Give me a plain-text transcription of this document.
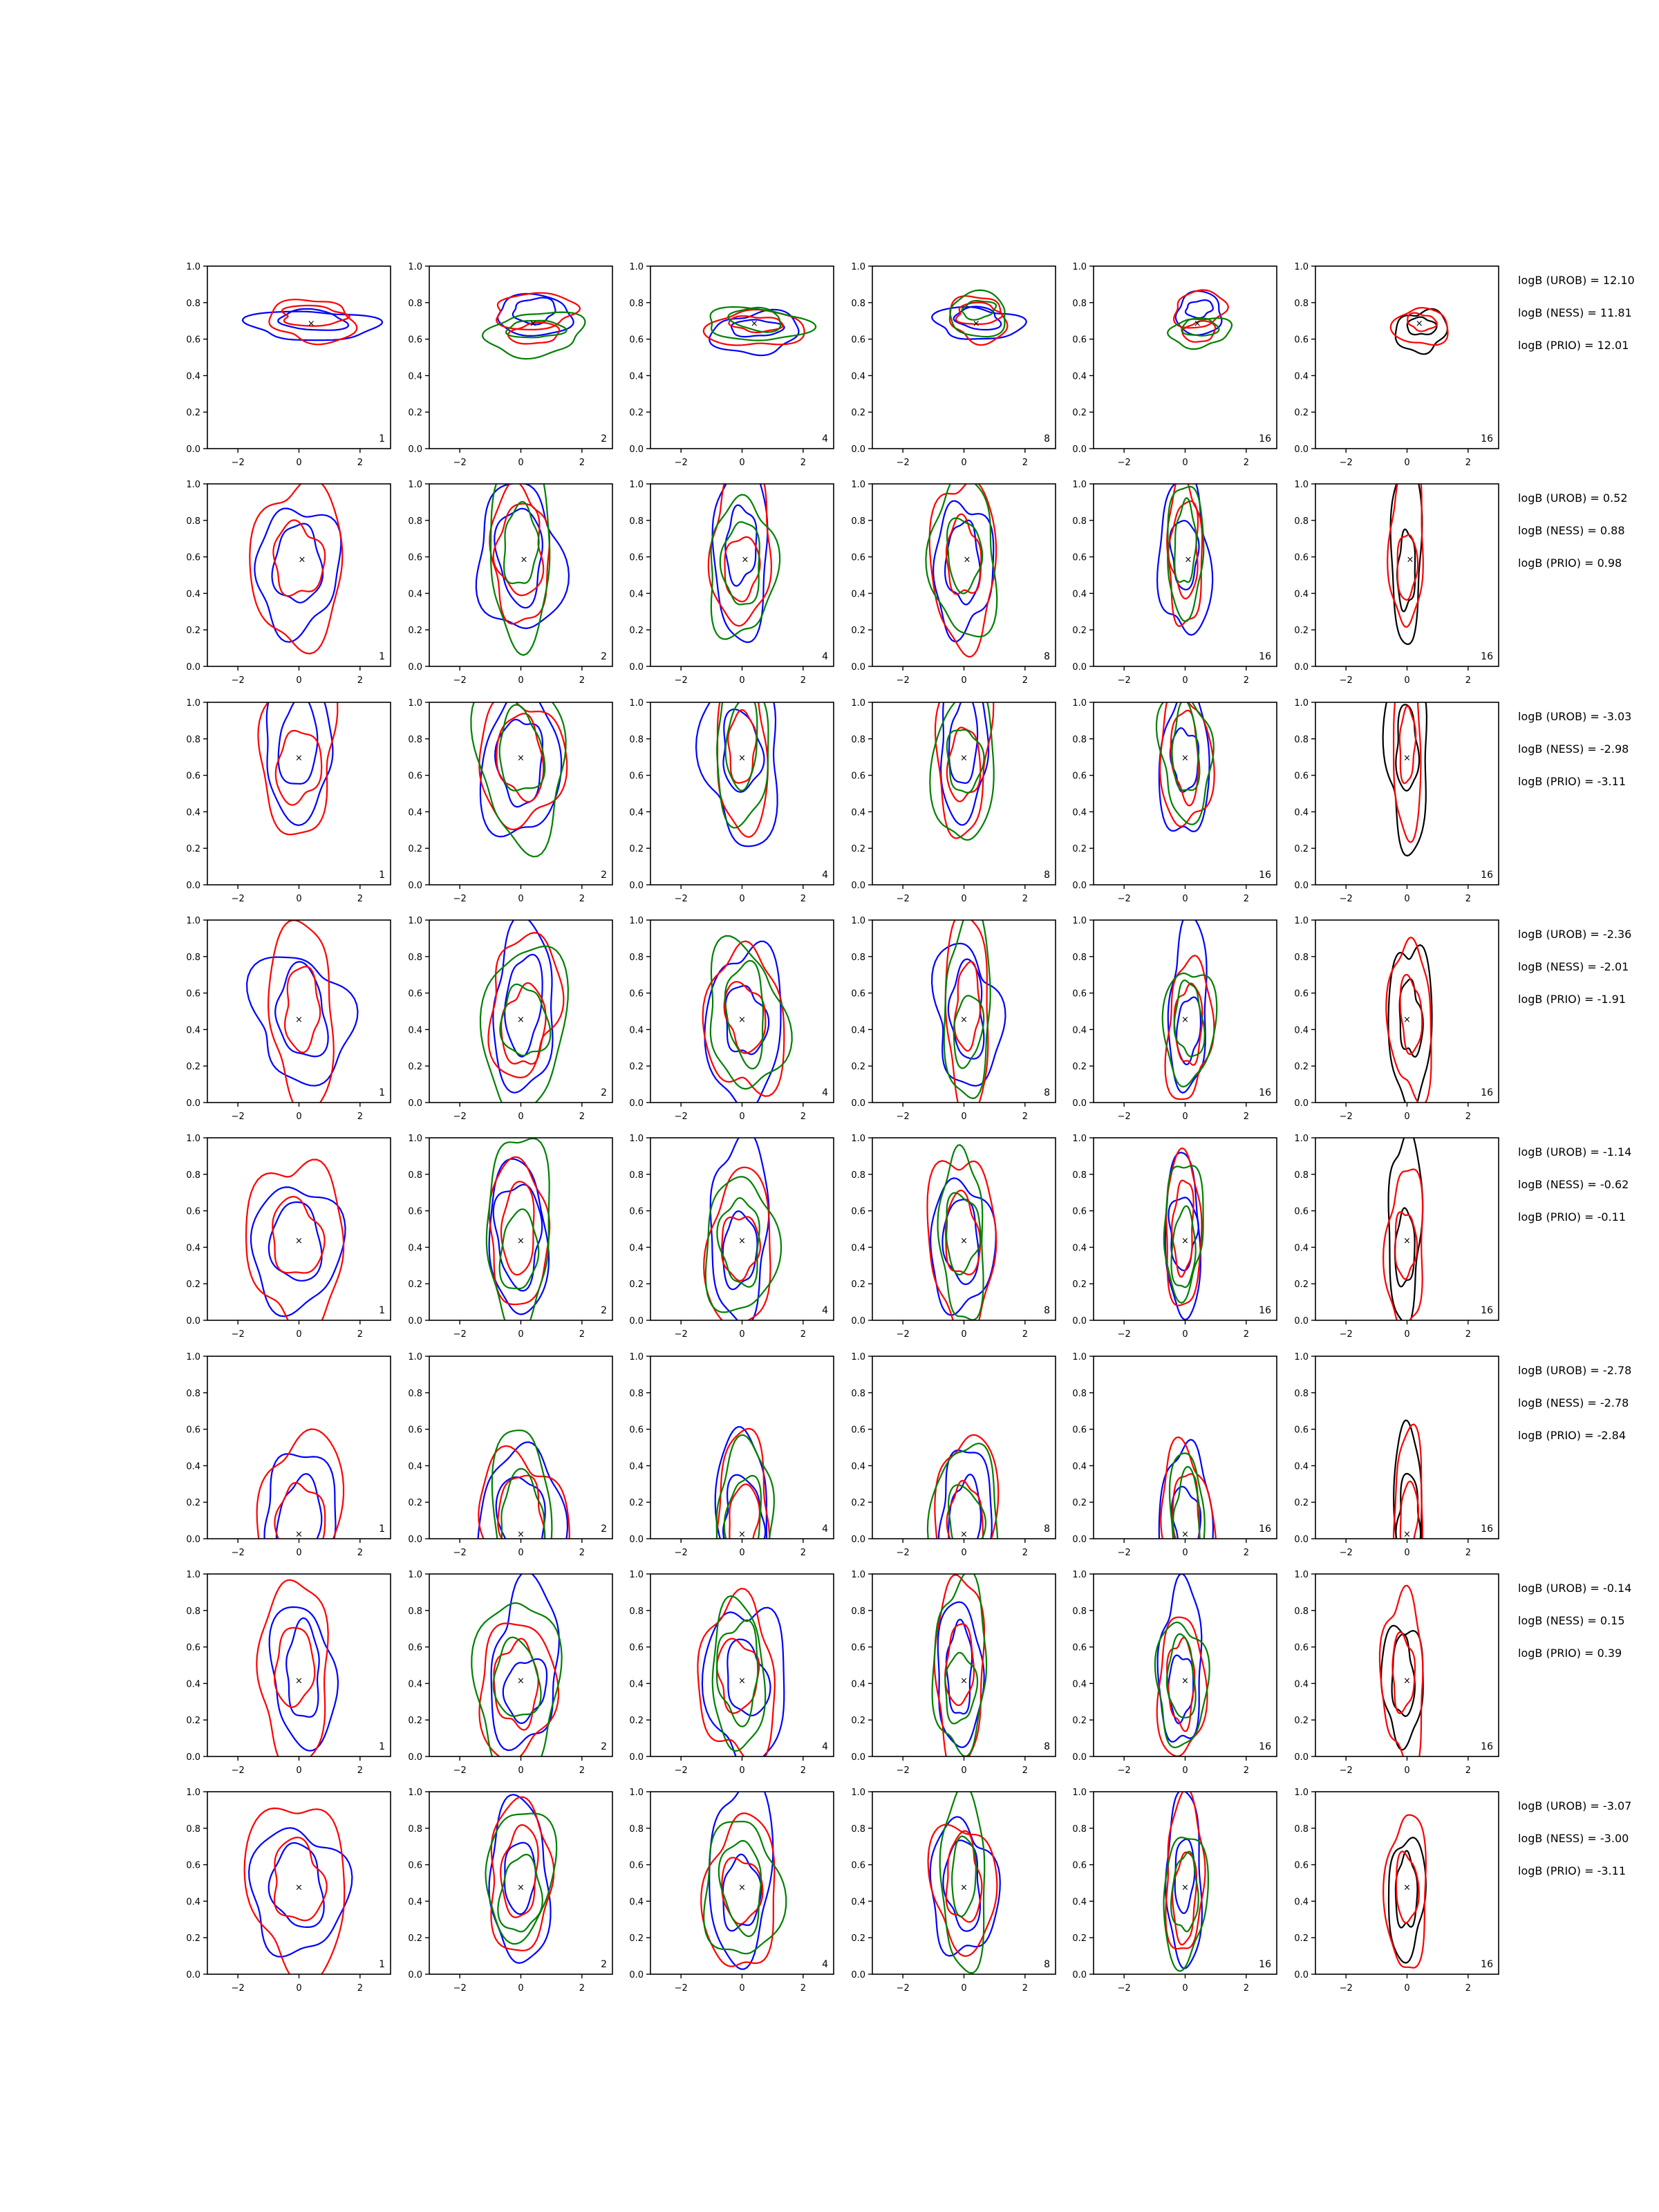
×
0.0
0.2
0.4
0.6
0.8
1.0
−2	0	2
1
×
0.0
0.2
0.4
0.6
0.8
1.0
−2	0	2
2
×
0.0
0.2
0.4
0.6
0.8
1.0
−2	0	2
4
×
0.0
0.2
0.4
0.6
0.8
1.0
−2	0	2
8
×
0.0
0.2
0.4
0.6
0.8
1.0
−2	0	2
16
×
0.0
0.2
0.4
0.6
0.8
1.0
−2	0	2
16
logB (UROB) = 12.10
logB (NESS) = 11.81
logB (PRIO) = 12.01
×
0.0
0.2
0.4
0.6
0.8
1.0
−2	0	2
1
×
0.0
0.2
0.4
0.6
0.8
1.0
−2	0	2
2
×
0.0
0.2
0.4
0.6
0.8
1.0
−2	0	2
4
×
0.0
0.2
0.4
0.6
0.8
1.0
−2	0	2
8
×
0.0
0.2
0.4
0.6
0.8
1.0
−2	0	2
16
×
0.0
0.2
0.4
0.6
0.8
1.0
−2	0	2
16
logB (UROB) = 0.52
logB (NESS) = 0.88
logB (PRIO) = 0.98
×
0.0
0.2
0.4
0.6
0.8
1.0
−2	0	2
1
×
0.0
0.2
0.4
0.6
0.8
1.0
−2	0	2
2
×
0.0
0.2
0.4
0.6
0.8
1.0
−2	0	2
4
×
0.0
0.2
0.4
0.6
0.8
1.0
−2	0	2
8
×
0.0
0.2
0.4
0.6
0.8
1.0
−2	0	2
16
×
0.0
0.2
0.4
0.6
0.8
1.0
−2	0	2
16
logB (UROB) = -3.03
logB (NESS) = -2.98
logB (PRIO) = -3.11
×
0.0
0.2
0.4
0.6
0.8
1.0
−2	0	2
1
×
0.0
0.2
0.4
0.6
0.8
1.0
−2	0	2
2
×
0.0
0.2
0.4
0.6
0.8
1.0
−2	0	2
4
×
0.0
0.2
0.4
0.6
0.8
1.0
−2	0	2
8
×
0.0
0.2
0.4
0.6
0.8
1.0
−2	0	2
16
×
0.0
0.2
0.4
0.6
0.8
1.0
−2	0	2
16
logB (UROB) = -2.36
logB (NESS) = -2.01
logB (PRIO) = -1.91
×
0.0
0.2
0.4
0.6
0.8
1.0
−2	0	2
1
×
0.0
0.2
0.4
0.6
0.8
1.0
−2	0	2
2
×
0.0
0.2
0.4
0.6
0.8
1.0
−2	0	2
4
×
0.0
0.2
0.4
0.6
0.8
1.0
−2	0	2
8
×
0.0
0.2
0.4
0.6
0.8
1.0
−2	0	2
16
×
0.0
0.2
0.4
0.6
0.8
1.0
−2	0	2
16
logB (UROB) = -1.14
logB (NESS) = -0.62
logB (PRIO) = -0.11
×
0.0
0.2
0.4
0.6
0.8
1.0
−2	0	2
1	×
0.0
0.2
0.4
0.6
0.8
1.0
−2	0	2
2	×
0.0
0.2
0.4
0.6
0.8
1.0
−2	0	2
4	×
0.0
0.2
0.4
0.6
0.8
1.0
−2	0	2
8	×
0.0
0.2
0.4
0.6
0.8
1.0
−2	0	2
16	×
0.0
0.2
0.4
0.6
0.8
1.0
−2	0	2
16
logB (UROB) = -2.78
logB (NESS) = -2.78
logB (PRIO) = -2.84
×
0.0
0.2
0.4
0.6
0.8
1.0
−2	0	2
1
×
0.0
0.2
0.4
0.6
0.8
1.0
−2	0	2
2
×
0.0
0.2
0.4
0.6
0.8
1.0
−2	0	2
4
×
0.0
0.2
0.4
0.6
0.8
1.0
−2	0	2
8
×
0.0
0.2
0.4
0.6
0.8
1.0
−2	0	2
16
×
0.0
0.2
0.4
0.6
0.8
1.0
−2	0	2
16
logB (UROB) = -0.14
logB (NESS) = 0.15
logB (PRIO) = 0.39
×
0.0
0.2
0.4
0.6
0.8
1.0
−2	0	2
1
×
0.0
0.2
0.4
0.6
0.8
1.0
−2	0	2
2
×
0.0
0.2
0.4
0.6
0.8
1.0
−2	0	2
4
×
0.0
0.2
0.4
0.6
0.8
1.0
−2	0	2
8
×
0.0
0.2
0.4
0.6
0.8
1.0
−2	0	2
16
×
0.0
0.2
0.4
0.6
0.8
1.0
−2	0	2
16
logB (UROB) = -3.07
logB (NESS) = -3.00
logB (PRIO) = -3.11
